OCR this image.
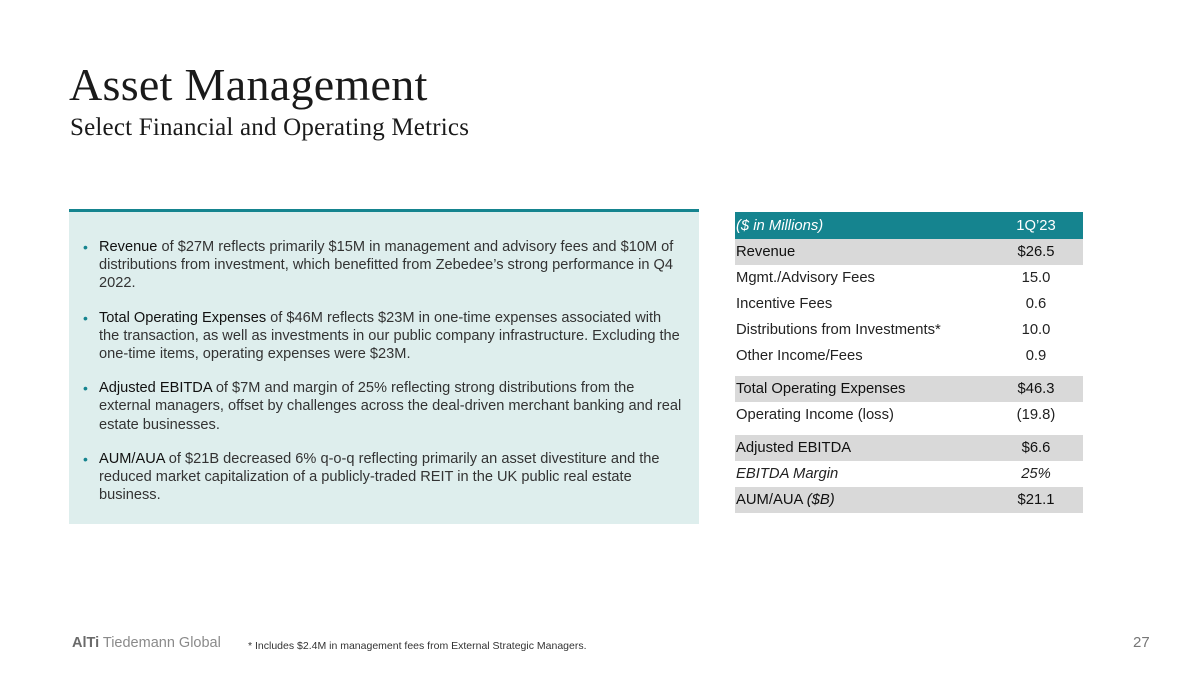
Asset Management
Select Financial and Operating Metrics
• Revenue of $27M reflects primarily $15M in management and advisory fees and $10M of distributions from investment, which benefitted from Zebedee’s strong performance in Q4 2022.
• Total Operating Expenses of $46M reflects $23M in one-time expenses associated with the transaction, as well as investments in our public company infrastructure. Excluding the one-time items, operating expenses were $23M.
• Adjusted EBITDA of $7M and margin of 25% reflecting strong distributions from the external managers, offset by challenges across the deal-driven merchant banking and real estate businesses.
• AUM/AUA of $21B decreased 6% q-o-q reflecting primarily an asset divestiture and the reduced market capitalization of a publicly-traded REIT in the UK public real estate business.
($ in Millions)	1Q’23
Revenue	$26.5
Mgmt./Advisory Fees	15.0
Incentive Fees	0.6
Distributions from Investments*	10.0
Other Income/Fees	0.9
Total Operating Expenses	$46.3
Operating Income (loss)	(19.8)
Adjusted EBITDA	$6.6
EBITDA Margin	25%
AUM/AUA ($B)	$21.1
AlTi Tiedemann Global	* Includes $2.4M in management fees from External Strategic Managers.	27
